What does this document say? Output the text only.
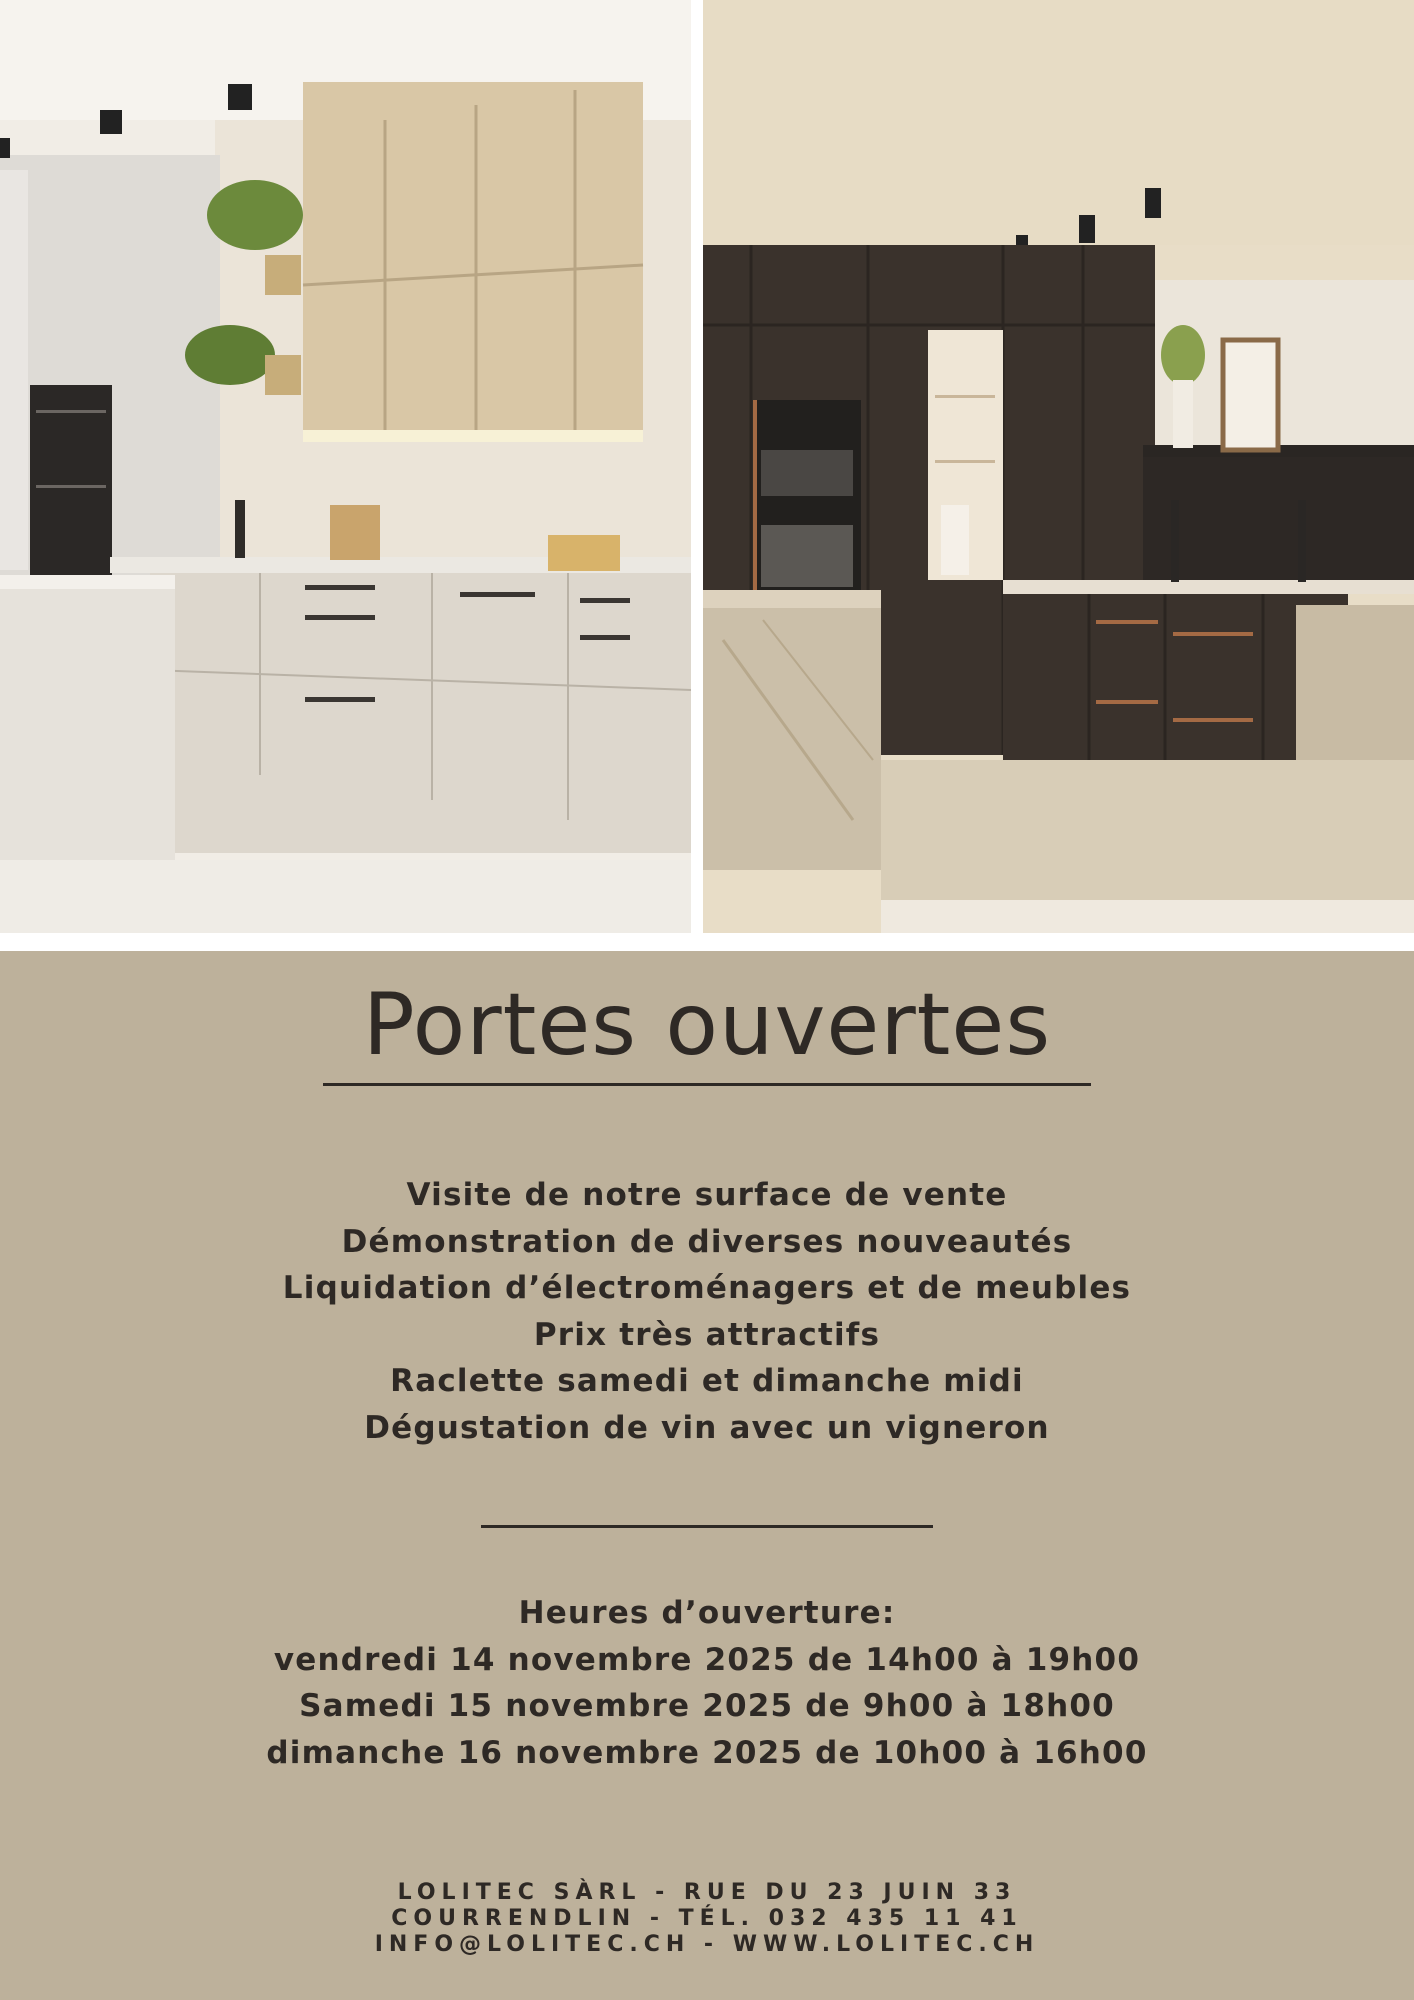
Portes ouvertes
Visite de notre surface de vente
Démonstration de diverses nouveautés
Liquidation d’électroménagers et de meubles
Prix très attractifs
Raclette samedi et dimanche midi
Dégustation de vin avec un vigneron
Heures d’ouverture:
vendredi 14 novembre 2025 de 14h00 à 19h00
Samedi 15 novembre 2025 de 9h00 à 18h00
dimanche 16 novembre 2025 de 10h00 à 16h00
LOLITEC SÀRL - RUE DU 23 JUIN 33
COURRENDLIN - TÉL. 032 435 11 41
INFO@LOLITEC.CH - WWW.LOLITEC.CH
